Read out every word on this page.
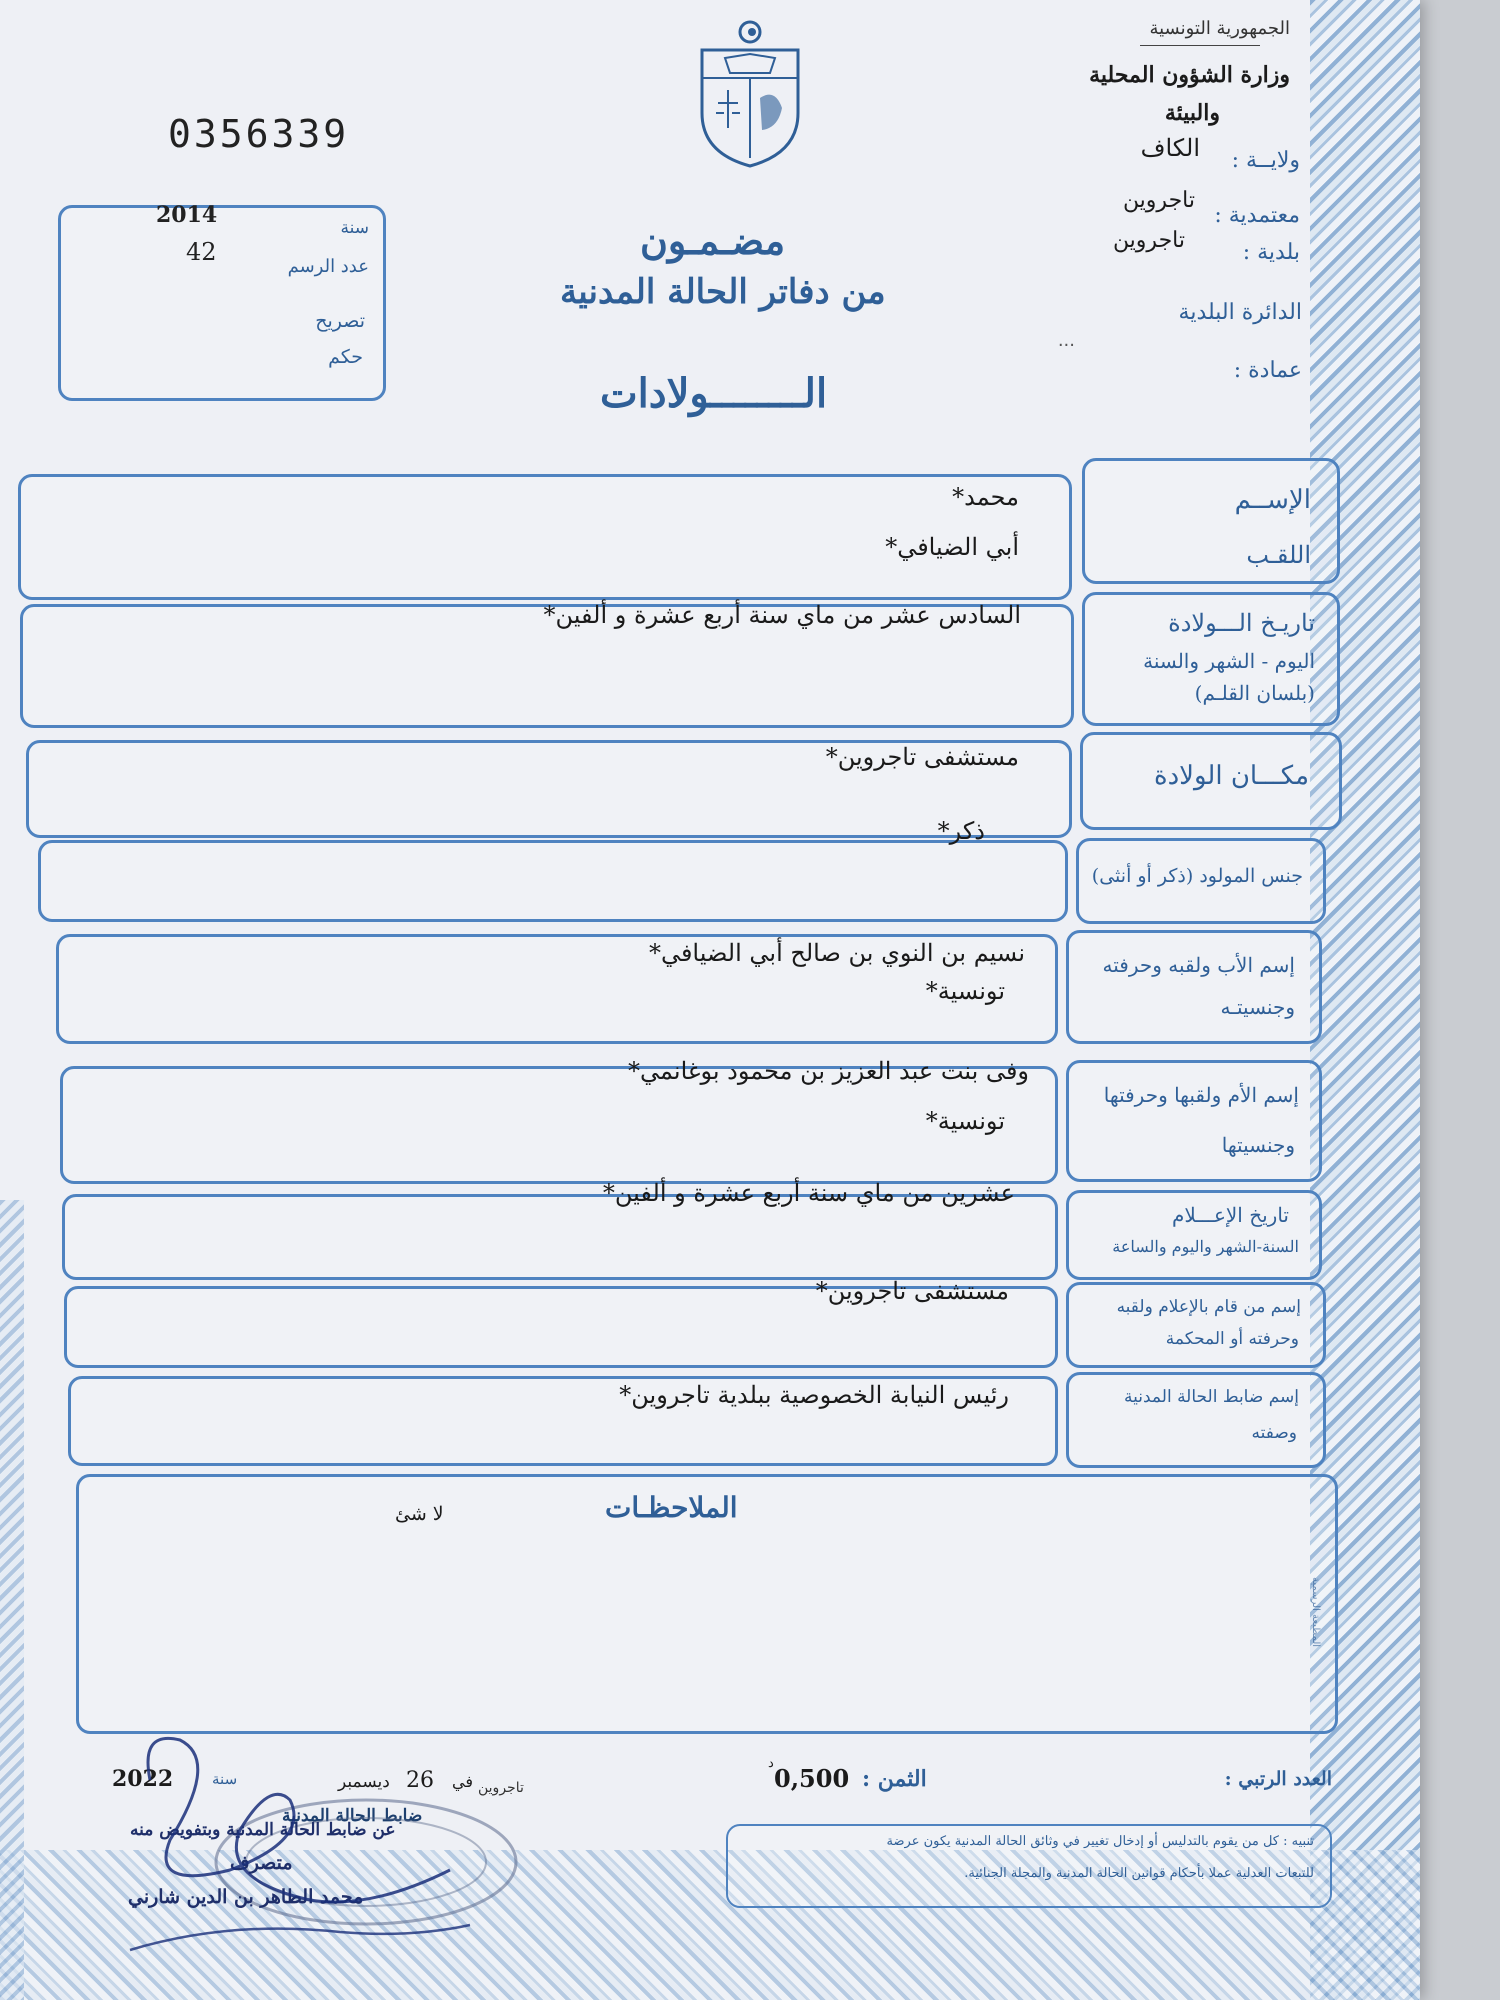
0356339
الجمهورية التونسية
وزارة الشؤون المحلية
والبيئة
ولايــة :
الكاف
معتمدية :
تاجروين
بلدية :
تاجروين
الدائرة البلدية
...
عمادة :
مضـمـون
من دفاتر الحالة المدنية
الــــــــولادات
2014
42
سنة
عدد الرسم
تصريح
حكم
محمد*
أبي الضيافي*
الإســم
اللقـب
السادس عشر من ماي سنة أربع عشرة و ألفين*	تاريـخ الـــولادة
اليوم - الشهر والسنة
(بلسان القلـم)
مستشفى تاجروين*
مكـــان الولادة
ذكر*
جنس المولود (ذكر أو أنثى)
نسيم بن النوي بن صالح أبي الضيافي*
تونسية*
إسم الأب ولقبه وحرفته
وجنسيتـه
وفى بنت عبد العزيز بن محمود بوغانمي*
تونسية*
إسم الأم ولقبها وحرفتها
وجنسيتها
عشرين من ماي سنة أربع عشرة و ألفين*
تاريخ الإعـــلام
السنة-الشهر واليوم والساعة
مستشفى تاجروين*
إسم من قام بالإعلام ولقبه
وحرفته أو المحكمة
رئيس النيابة الخصوصية ببلدية تاجروين*	إسم ضابط الحالة المدنية
وصفته
الملاحظـات
لا شئ
المطبعة الرسمية
العدد الرتبي :
الثمن :
0,500
د
تاجروين
في
26
ديسمبر
سنة
2022
ضابط الحالة المدنية
عن ضابط الحالة المدنية وبتفويض منه
متصرف
محمد الطاهر بن الدين شارني
تنبيه : كل من يقوم بالتدليس أو إدخال تغيير في وثائق الحالة المدنية يكون عرضة
للتبعات العدلية عملا بأحكام قوانين الحالة المدنية والمجلة الجنائية.
